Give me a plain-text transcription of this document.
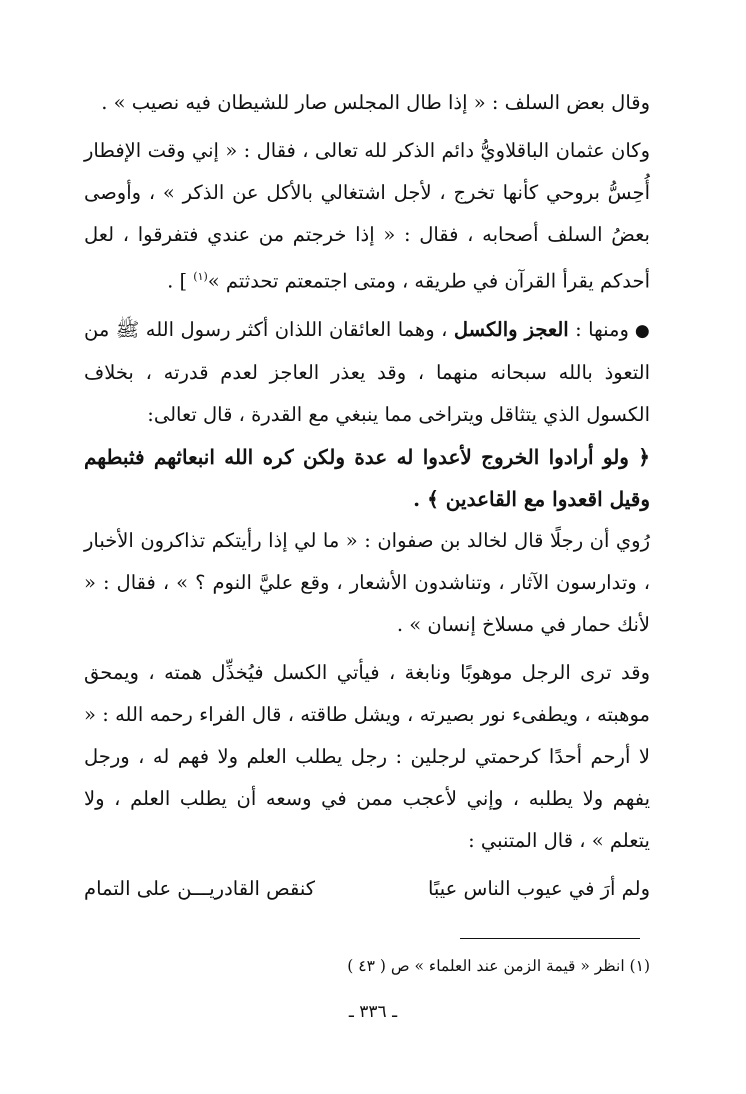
وقال بعض السلف : « إذا طال المجلس صار للشيطان فيه نصيب » .

وكان عثمان الباقلاويُّ دائم الذكر لله تعالى ، فقال : « إني وقت الإفطار أُحِسُّ بروحي كأنها تخرج ، لأجل اشتغالي بالأكل عن الذكر » ، وأوصى بعضُ السلف أصحابه ، فقال : « إذا خرجتم من عندي فتفرقوا ، لعل أحدكم يقرأ القرآن في طريقه ، ومتى اجتمعتم تحدثتم »$^{(١)}$ ] .

●ومنها : العجز والكسل ، وهما العائقان اللذان أكثر رسول الله ﷺ من التعوذ بالله سبحانه منهما ، وقد يعذر العاجز لعدم قدرته ، بخلاف الكسول الذي يتثاقل ويتراخى مما ينبغي مع القدرة ، قال تعالى:

﴿ ولو أرادوا الخروج لأعدوا له عدة ولكن كره الله انبعاثهم فثبطهم وقيل اقعدوا مع القاعدين ﴾ .

رُوي أن رجلًا قال لخالد بن صفوان : « ما لي إذا رأيتكم تذاكرون الأخبار ، وتدارسون الآثار ، وتناشدون الأشعار ، وقع عليَّ النوم ؟ » ، فقال : « لأنك حمار في مسلاخ إنسان » .

وقد ترى الرجل موهوبًا ونابغة ، فيأتي الكسل فيُخذِّل همته ، ويمحق موهبته ، ويطفىء نور بصيرته ، ويشل طاقته ، قال الفراء رحمه الله : « لا أرحم أحدًا كرحمتي لرجلين : رجل يطلب العلم ولا فهم له ، ورجل يفهم ولا يطلبه ، وإني لأعجب ممن في وسعه أن يطلب العلم ، ولا يتعلم » ، قال المتنبي :

ولم أرَ في عيوب الناس عيبًا
كنقص القادريـــن على التمام
(١) انظر « قيمة الزمن عند العلماء » ص ( ٤٣ )
ـ ٣٣٦ ـ
